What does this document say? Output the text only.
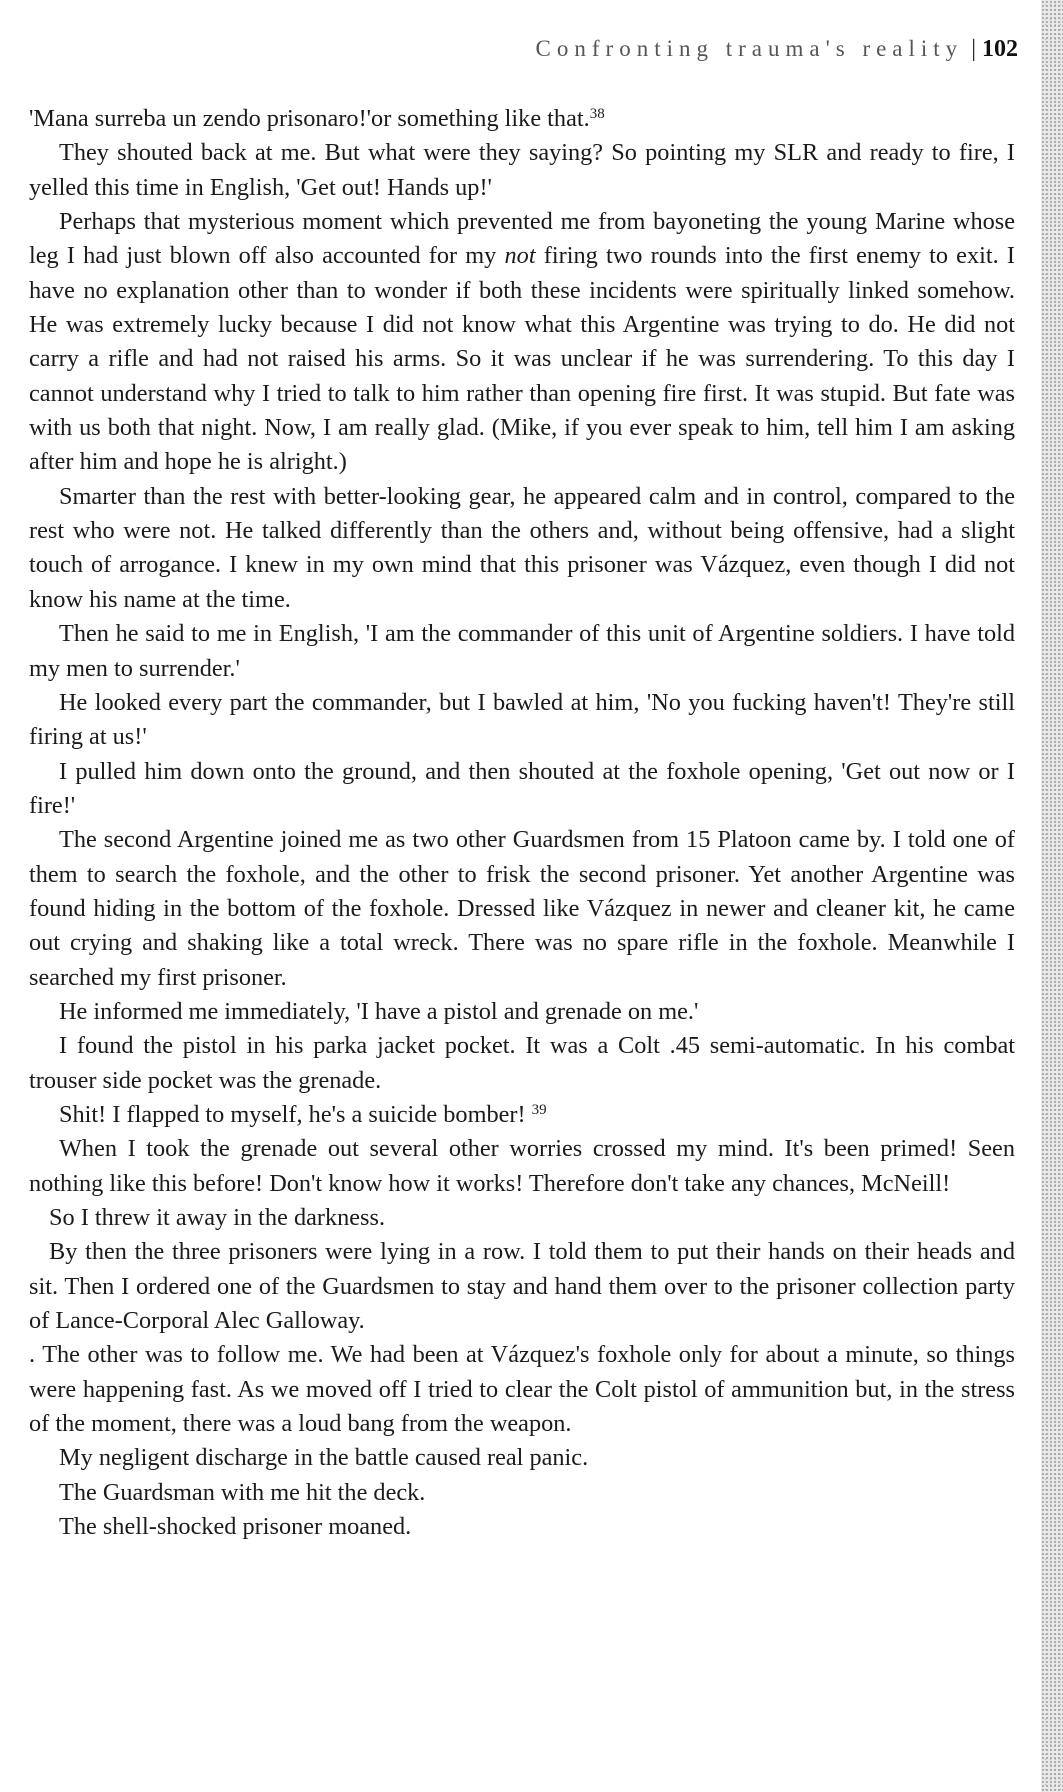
Confronting trauma's reality | 102

'Mana surreba un zendo prisonaro!'or something like that.$^{38}$

They shouted back at me. But what were they saying? So pointing my SLR and ready to fire, I yelled this time in English, 'Get out! Hands up!'

Perhaps that mysterious moment which prevented me from bayoneting the young Marine whose leg I had just blown off also accounted for my not firing two rounds into the first enemy to exit. I have no explanation other than to wonder if both these incidents were spiritually linked somehow. He was extremely lucky because I did not know what this Argentine was trying to do. He did not carry a rifle and had not raised his arms. So it was unclear if he was surrendering. To this day I cannot understand why I tried to talk to him rather than opening fire first. It was stupid. But fate was with us both that night. Now, I am really glad. (Mike, if you ever speak to him, tell him I am asking after him and hope he is alright.)

Smarter than the rest with better-looking gear, he appeared calm and in control, compared to the rest who were not. He talked differently than the others and, without being offensive, had a slight touch of arrogance. I knew in my own mind that this prisoner was Vázquez, even though I did not know his name at the time.

Then he said to me in English, 'I am the commander of this unit of Argentine soldiers. I have told my men to surrender.'

He looked every part the commander, but I bawled at him, 'No you fucking haven't! They're still firing at us!'

I pulled him down onto the ground, and then shouted at the foxhole opening, 'Get out now or I fire!'

The second Argentine joined me as two other Guardsmen from 15 Platoon came by. I told one of them to search the foxhole, and the other to frisk the second prisoner. Yet another Argentine was found hiding in the bottom of the foxhole. Dressed like Vázquez in newer and cleaner kit, he came out crying and shaking like a total wreck. There was no spare rifle in the foxhole. Meanwhile I searched my first prisoner.

He informed me immediately, 'I have a pistol and grenade on me.'

I found the pistol in his parka jacket pocket. It was a Colt .45 semi-automatic. In his combat trouser side pocket was the grenade.

Shit! I flapped to myself, he's a suicide bomber! $^{39}$

When I took the grenade out several other worries crossed my mind. It's been primed! Seen nothing like this before! Don't know how it works! Therefore don't take any chances, McNeill!

So I threw it away in the darkness.

By then the three prisoners were lying in a row. I told them to put their hands on their heads and sit. Then I ordered one of the Guardsmen to stay and hand them over to the prisoner collection party of Lance-Corporal Alec Galloway.

. The other was to follow me. We had been at Vázquez's foxhole only for about a minute, so things were happening fast. As we moved off I tried to clear the Colt pistol of ammunition but, in the stress of the moment, there was a loud bang from the weapon.

My negligent discharge in the battle caused real panic.

The Guardsman with me hit the deck.

The shell-shocked prisoner moaned.
